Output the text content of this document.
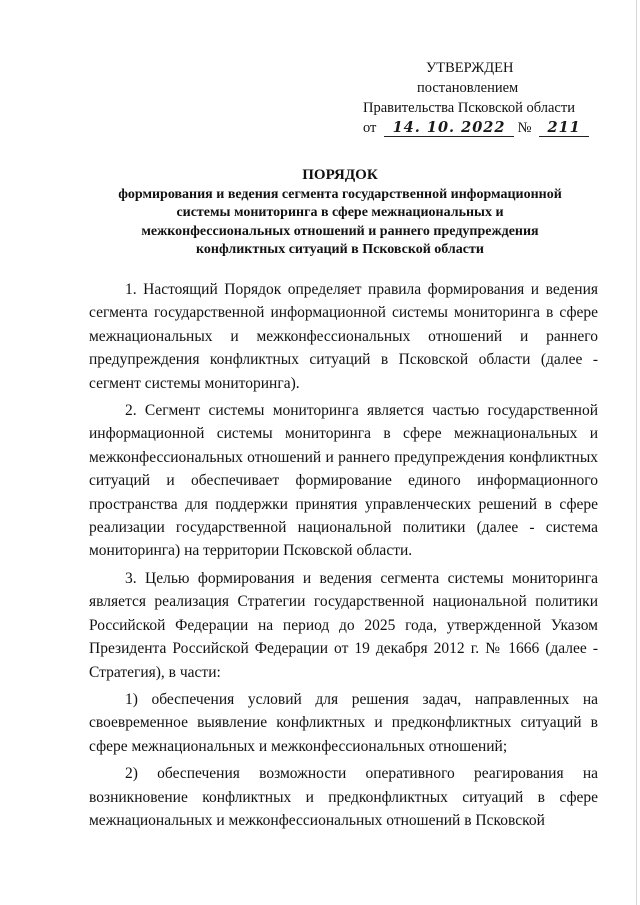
УТВЕРЖДЕН
постановлением
Правительства Псковской области
от 14. 10. 2022 № 211
ПОРЯДОК
формирования и ведения сегмента государственной информационной
системы мониторинга в сфере межнациональных и
межконфессиональных отношений и раннего предупреждения
конфликтных ситуаций в Псковской области

1. Настоящий Порядок определяет правила формирования и ведения сегмента государственной информационной системы мониторинга в сфере межнациональных и межконфессиональных отношений и раннего предупреждения конфликтных ситуаций в Псковской области (далее - сегмент системы мониторинга).

2. Сегмент системы мониторинга является частью государственной информационной системы мониторинга в сфере межнациональных и межконфессиональных отношений и раннего предупреждения конфликтных ситуаций и обеспечивает формирование единого информационного пространства для поддержки принятия управленческих решений в сфере реализации государственной национальной политики (далее - система мониторинга) на территории Псковской области.

3. Целью формирования и ведения сегмента системы мониторинга является реализация Стратегии государственной национальной политики Российской Федерации на период до 2025 года, утвержденной Указом Президента Российской Федерации от 19 декабря 2012 г. № 1666 (далее - Стратегия), в части:

1) обеспечения условий для решения задач, направленных на своевременное выявление конфликтных и предконфликтных ситуаций в сфере межнациональных и межконфессиональных отношений;

2) обеспечения возможности оперативного реагирования на возникновение конфликтных и предконфликтных ситуаций в сфере межнациональных и межконфессиональных отношений в Псковской
